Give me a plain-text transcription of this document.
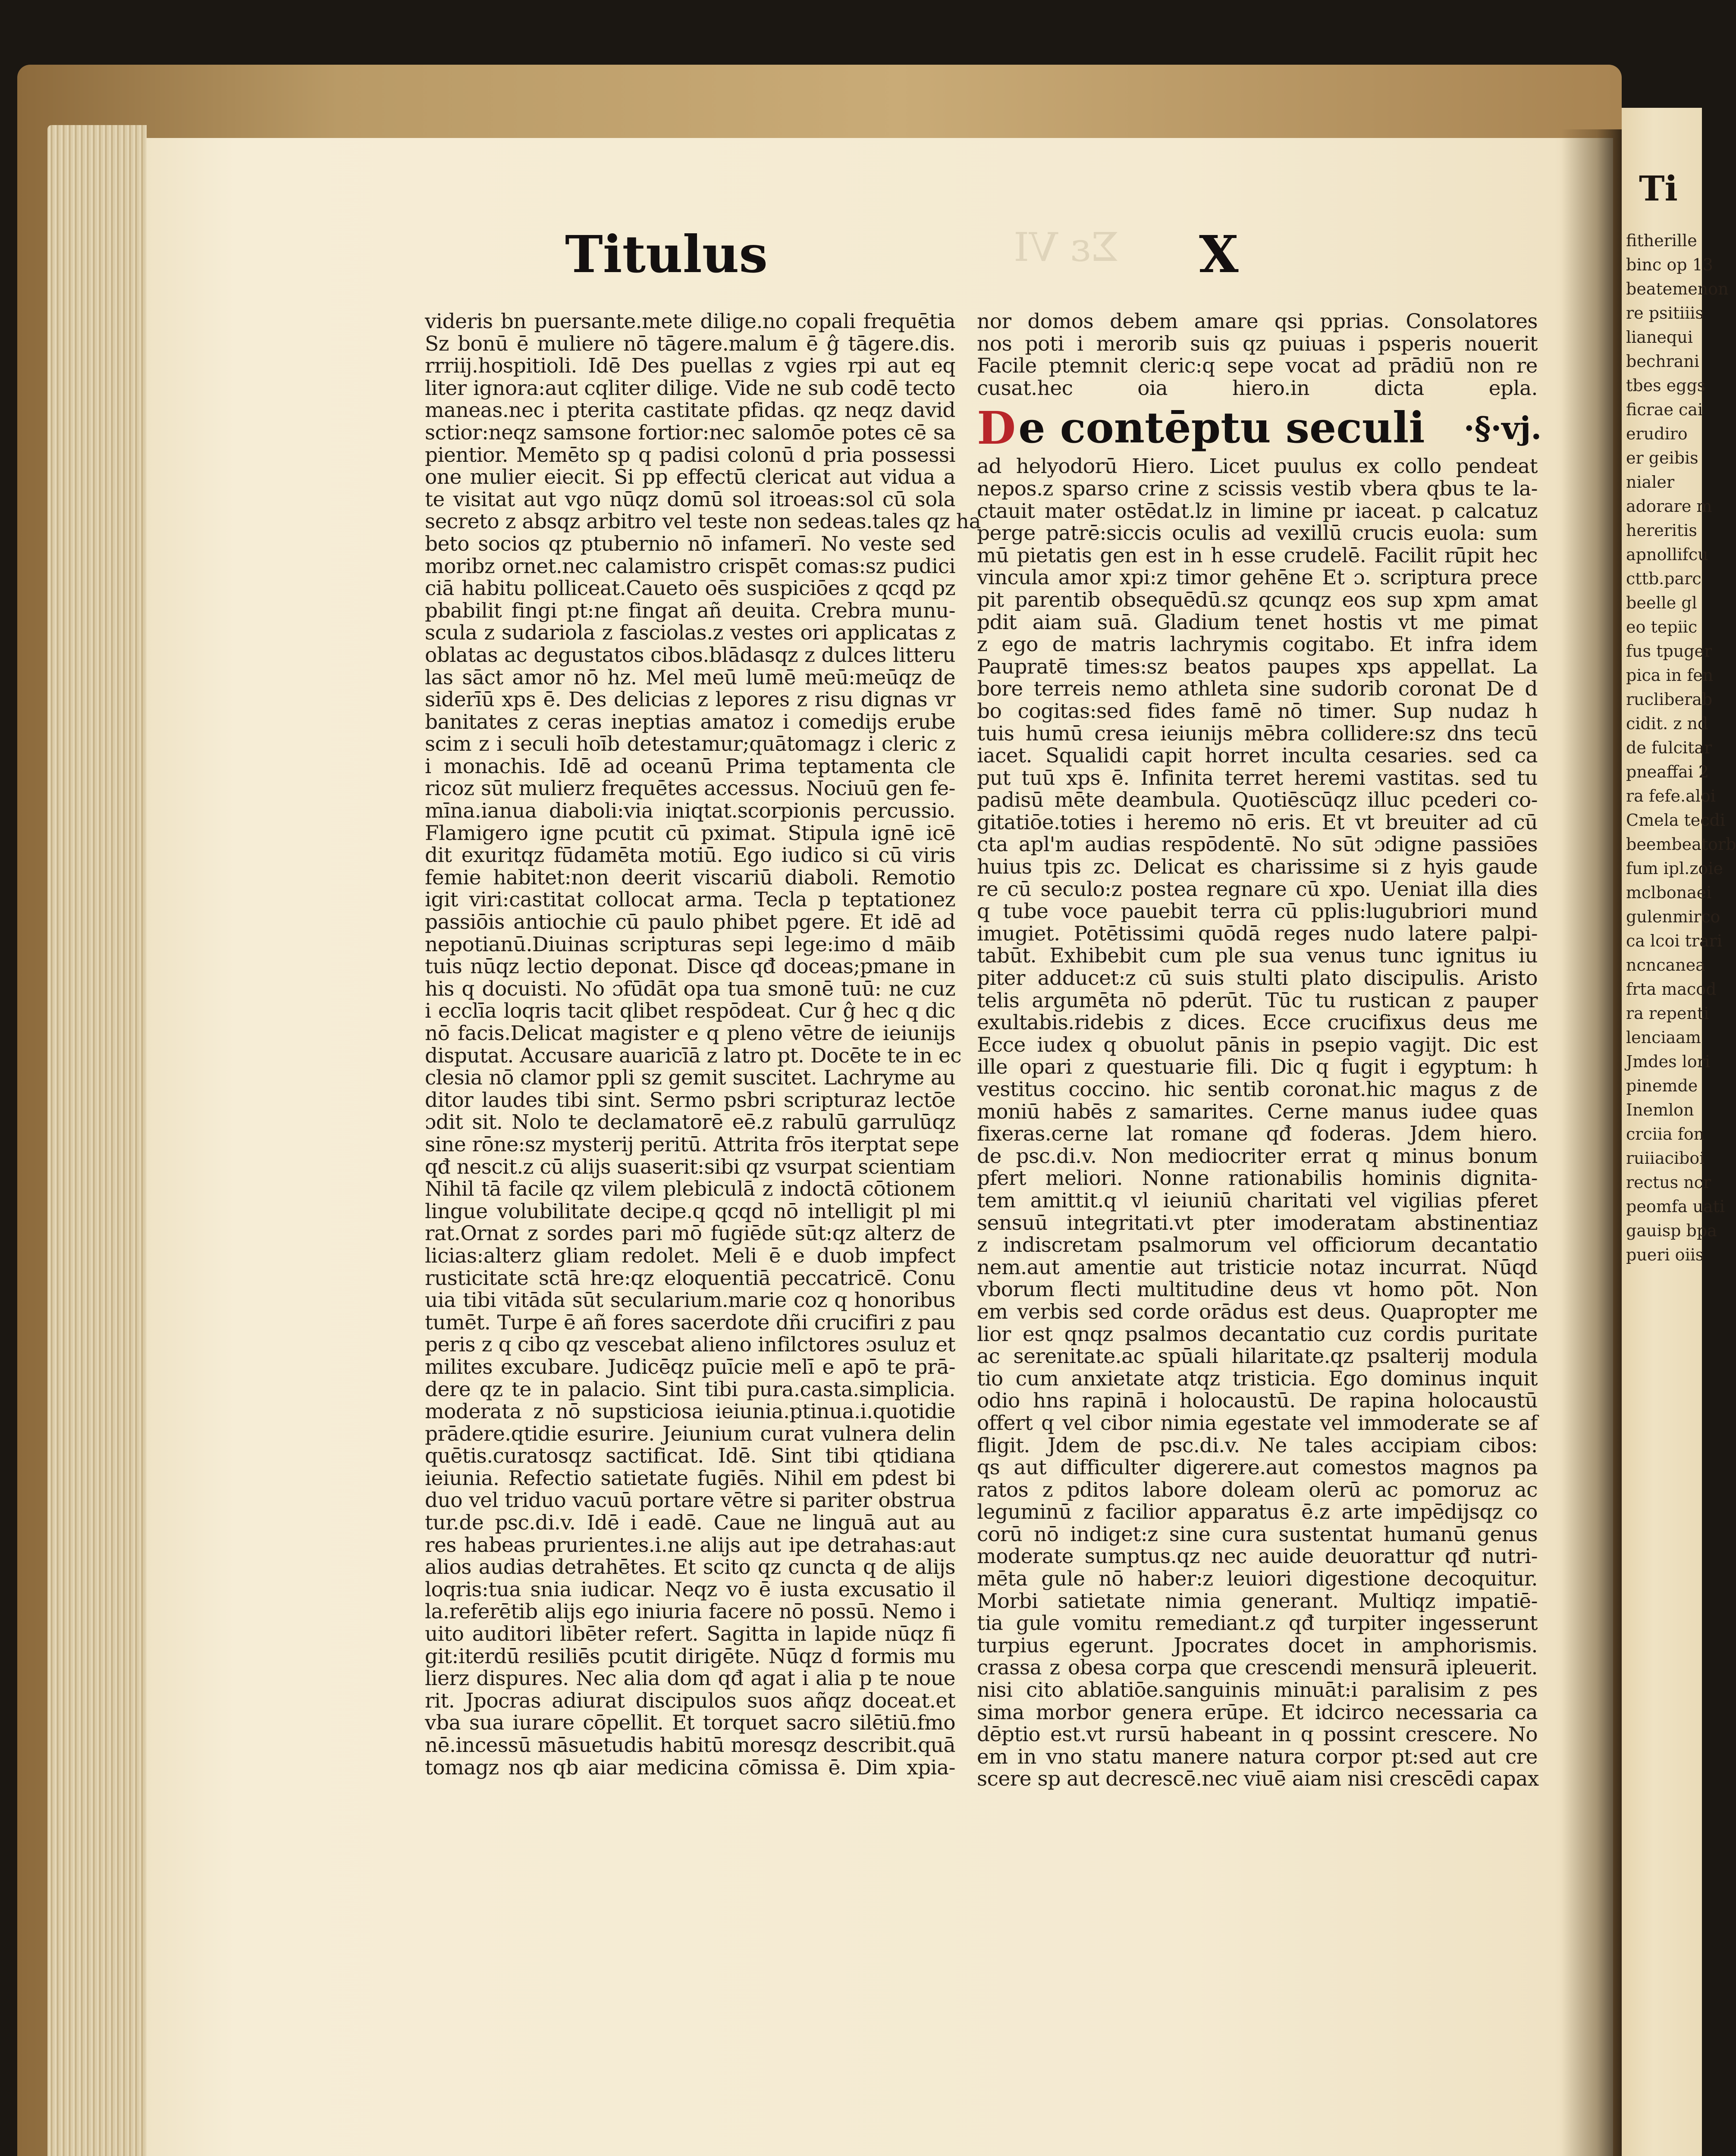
Σε VI
Titulus	X
videris bn puersante.mete dilige.no copali frequētia
Sz bonū ē muliere nō tāgere.malum ē ĝ tāgere.dis.
rrriij.hospitioli. Idē Des puellas z vgies rpi aut eq
liter ignora:aut cqliter dilige. Vide ne sub codē tecto
maneas.nec i pterita castitate pfidas. qz neqz david
sctior:neqz samsone fortior:nec salomōe potes cē sa
pientior. Memēto sp q padisi colonū d pria possessi
one mulier eiecit. Si pp effectū clericat aut vidua a
te visitat aut vgo nūqz domū sol itroeas:sol cū sola
secreto z absqz arbitro vel teste non sedeas.tales qz ha
beto socios qz ptubernio nō infamerī. No veste sed
moribz ornet.nec calamistro crispēt comas:sz pudici
ciā habitu polliceat.Caueto oēs suspiciōes z qcqd pz
pbabilit fingi pt:ne fingat añ deuita. Crebra munu-
scula z sudariola z fasciolas.z vestes ori applicatas z
oblatas ac degustatos cibos.blādasqz z dulces litteru
las sāct amor nō hz. Mel meū lumē meū:meūqz de
siderīū xps ē. Des delicias z lepores z risu dignas vr
banitates z ceras ineptias amatoz i comedijs erube
scim z i seculi hoīb detestamur;quātomagz i cleric z
i monachis. Idē ad oceanū Prima teptamenta cle
ricoz sūt mulierz frequētes accessus. Nociuū gen fe-
mīna.ianua diaboli:via iniqtat.scorpionis percussio.
Flamigero igne pcutit cū pximat. Stipula ignē icē
dit exuritqz fūdamēta motiū. Ego iudico si cū viris
femie habitet:non deerit viscariū diaboli. Remotio
igit viri:castitat collocat arma. Tecla p teptationez
passiōis antiochie cū paulo phibet pgere. Et idē ad
nepotianū.Diuinas scripturas sepi lege:imo d māib
tuis nūqz lectio deponat. Disce qđ doceas;pmane in
his q docuisti. No ɔfūdāt opa tua smonē tuū: ne cuz
i ecclīa loqris tacit qlibet respōdeat. Cur ĝ hec q dic
nō facis.Delicat magister e q pleno vētre de ieiunijs
disputat. Accusare auaricīā z latro pt. Docēte te in ec
clesia nō clamor ppli sz gemit suscitet. Lachryme au
ditor laudes tibi sint. Sermo psbri scripturaz lectōe
ɔdit sit. Nolo te declamatorē eē.z rabulū garrulūqz
sine rōne:sz mysterij peritū. Attrita frōs iterptat sepe
qđ nescit.z cū alijs suaserit:sibi qz vsurpat scientiam
Nihil tā facile qz vilem plebiculā z indoctā cōtionem
lingue volubilitate decipe.q qcqd nō intelligit pl mi
rat.Ornat z sordes pari mō fugiēde sūt:qz alterz de
licias:alterz gliam redolet. Meli ē e duob impfect
rusticitate sctā hre:qz eloquentiā peccatricē. Conu
uia tibi vitāda sūt secularium.marie coz q honoribus
tumēt. Turpe ē añ fores sacerdote dñi crucifiri z pau
peris z q cibo qz vescebat alieno infilctores ɔsuluz et
milites excubare. Judicēqz puīcie melī e apō te prā-
dere qz te in palacio. Sint tibi pura.casta.simplicia.
moderata z nō supsticiosa ieiunia.ptinua.i.quotidie
prādere.qtidie esurire. Jeiunium curat vulnera delin
quētis.curatosqz sactificat. Idē. Sint tibi qtidiana
ieiunia. Refectio satietate fugiēs. Nihil em pdest bi
duo vel triduo vacuū portare vētre si pariter obstrua
tur.de psc.di.v. Idē i eadē. Caue ne linguā aut au
res habeas prurientes.i.ne alijs aut ipe detrahas:aut
alios audias detrahētes. Et scito qz cuncta q de alijs
loqris:tua snia iudicar. Neqz vo ē iusta excusatio il
la.referētib alijs ego iniuria facere nō possū. Nemo i
uito auditori libēter refert. Sagitta in lapide nūqz fi
git:iterdū resiliēs pcutit dirigēte. Nūqz d formis mu
lierz dispures. Nec alia dom qđ agat i alia p te noue
rit. Jpocras adiurat discipulos suos añqz doceat.et
vba sua iurare cōpellit. Et torquet sacro silētiū.fmo
nē.incessū māsuetudis habitū moresqz describit.quā
tomagz nos qb aiar medicina cōmissa ē. Dim xpia-
nor domos debem amare qsi pprias. Consolatores
nos poti i merorib suis qz puiuas i psperis nouerit
Facile ptemnit cleric:q sepe vocat ad prādiū non re
cusat.hec oia hiero.in dicta epla.
D e contēptu seculi ·§·vj.
ad helyodorū Hiero. Licet puulus ex collo pendeat
nepos.z sparso crine z scissis vestib vbera qbus te la-
ctauit mater ostēdat.lz in limine pr iaceat. p calcatuz
perge patrē:siccis oculis ad vexillū crucis euola: sum
mū pietatis gen est in h esse crudelē. Facilit rūpit hec
vincula amor xpi:z timor gehēne Et ɔ. scriptura prece
pit parentib obsequēdū.sz qcunqz eos sup xpm amat
pdit aiam suā. Gladium tenet hostis vt me pimat
z ego de matris lachrymis cogitabo. Et infra idem
Paupratē times:sz beatos paupes xps appellat. La
bore terreis nemo athleta sine sudorib coronat De d
bo cogitas:sed fides famē nō timer. Sup nudaz h
tuis humū cresa ieiunijs mēbra collidere:sz dns tecū
iacet. Squalidi capit horret inculta cesaries. sed ca
put tuū xps ē. Infinita terret heremi vastitas. sed tu
padisū mēte deambula. Quotiēscūqz illuc pcederi co-
gitatiōe.toties i heremo nō eris. Et vt breuiter ad cū
cta apl'm audias respōdentē. No sūt ɔdigne passiōes
huius tpis zc. Delicat es charissime si z hyis gaude
re cū seculo:z postea regnare cū xpo. Ueniat illa dies
q tube voce pauebit terra cū pplis:lugubriori mund
imugiet. Potētissimi quōdā reges nudo latere palpi-
tabūt. Exhibebit cum ple sua venus tunc ignitus iu
piter adducet:z cū suis stulti plato discipulis. Aristo
telis argumēta nō pderūt. Tūc tu rustican z pauper
exultabis.ridebis z dices. Ecce crucifixus deus me
Ecce iudex q obuolut pānis in psepio vagijt. Dic est
ille opari z questuarie fili. Dic q fugit i egyptum: h
vestitus coccino. hic sentib coronat.hic magus z de
moniū habēs z samarites. Cerne manus iudee quas
fixeras.cerne lat romane qđ foderas. Jdem hiero.
de psc.di.v. Non mediocriter errat q minus bonum
pfert meliori. Nonne rationabilis hominis dignita-
tem amittit.q vl ieiuniū charitati vel vigilias pferet
sensuū integritati.vt pter imoderatam abstinentiaz
z indiscretam psalmorum vel officiorum decantatio
nem.aut amentie aut tristicie notaz incurrat. Nūqd
vborum flecti multitudine deus vt homo pōt. Non
em verbis sed corde orādus est deus. Quapropter me
lior est qnqz psalmos decantatio cuz cordis puritate
ac serenitate.ac spūali hilaritate.qz psalterij modula
tio cum anxietate atqz tristicia. Ego dominus inquit
odio hns rapinā i holocaustū. De rapina holocaustū
offert q vel cibor nimia egestate vel immoderate se af
fligit. Jdem de psc.di.v. Ne tales accipiam cibos:
qs aut difficulter digerere.aut comestos magnos pa
ratos z pditos labore doleam olerū ac pomoruz ac
leguminū z facilior apparatus ē.z arte impēdijsqz co
corū nō indiget:z sine cura sustentat humanū genus
moderate sumptus.qz nec auide deuorattur qđ nutri-
mēta gule nō haber:z leuiori digestione decoquitur.
Morbi satietate nimia generant. Multiqz impatiē-
tia gule vomitu remediant.z qđ turpiter ingesserunt
turpius egerunt. Jpocrates docet in amphorismis.
crassa z obesa corpa que crescendi mensurā ipleuerit.
nisi cito ablatiōe.sanguinis minuāt:i paralisim z pes
sima morbor genera erūpe. Et idcirco necessaria ca
dēptio est.vt rursū habeant in q possint crescere. No
em in vno statu manere natura corpor pt:sed aut cre
scere sp aut decrescē.nec viuē aiam nisi crescēdi capax
Ti
fitherille
binc op 13
beatemenon
re psitiiis
lianequi
bechrani
tbes eggs
ficrae cai
erudiro
er geibis
nialer
adorare m
hereritis
apnollifcu
cttb.parc
beelle gl
eo tepiic
fus tpuger
pica in fen
rucliberab
cidit. z nd
de fulcitar
pneaffai 2
ra fefe.aloi
Cmela tecdi
beembeatorb
fum ipl.zoie
mclbonaei
gulenmirco
ca lcoi trari
ncncanea
frta macod
ra repenti
lenciaam
Jmdes lori
pinemde
Inemlon
crciia fon
ruiiaciboi
rectus ncr
peomfa uati
gauisp bpa
pueri oiis
